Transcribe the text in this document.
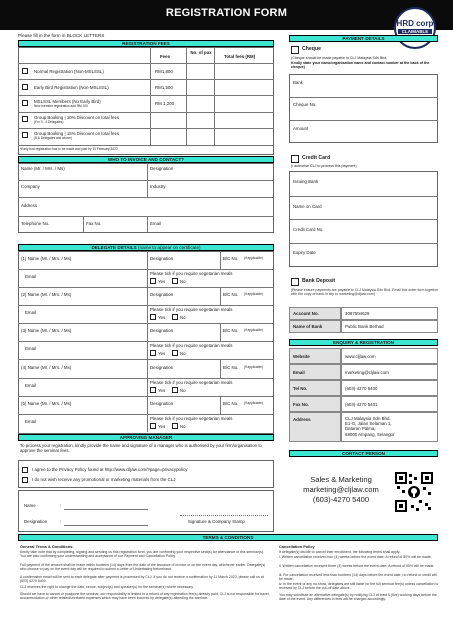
REGISTRATION FORM
HRD corp
CLAIMABLE
Please fill in the form in BLOCK LETTERS
REGISTRATION FEES
Fees
No. of pax
Total fees (RM)
Normal Registration (Non-MSLSSL)	RM1,800
Early Bird Registration (Non-MSLSSL)	RM1,500
MSLSSL Members (No Early Bird)
New member registration add RM 100	RM 1,200
Group Booking | 10% Discount on total fees
(For 3 - 4 Delegates)
Group Booking | 15% Discount on total fees
(5 & Delegates and above)
*Early bird registration has to be made and paid by 10 February 2023
WHO TO INVOICE AND CONTACT?
Name (Mr. / Mrs. / Ms)	Designation
Company	Industry
Address
Telephone No.	Fax No.	Email
DELEGATE DETAILS (name to appear on certificate)
(1) Name (Mr. / Mrs. / Ms)	Designation	B/C No. (if applicable)
Email
Please tick if you require vegetarian meals
Yes	No
(2) Name (Mr. / Mrs. / Ms)	Designation	B/C No. (if applicable)
Email
Please tick if you require vegetarian meals
Yes	No
(3) Name (Mr. / Mrs. / Ms)	Designation	B/C No. (if applicable)
Email
Please tick if you require vegetarian meals
Yes	No
(4) Name (Mr. / Mrs. / Ms)	Designation	B/C No. (if applicable)
Email
Please tick if you require vegetarian meals
Yes	No
(5) Name (Mr. / Mrs. / Ms)	Designation	B/C No. (if applicable)
Email
Please tick if you require vegetarian meals
Yes	No
APPROVING MANAGER
To process your registration, kindly provide the name and signature of a manager who is authorised by your firm/organisation to approve the seminar fees.
I agree to the Privacy Policy found at http://www.clljaw.com/?page=privacypolicy
I do not wish receive any promotional or marketing materials from the CLJ
Name	:
Designation	:	Signature & Company Stamp
TERMS & CONDITIONS
General Terms & Conditions:
Kindly take note that by completing, signing and sending us this registration form, you are confirming your respective seat(s) for attendance of this seminar(s). You are also confirming your understanding and acceptance of our Payment and Cancellation Policy.
Full payment of the amount shall be made within fourteen (14) days from the date of the issuance of invoice or on the event day, whichever earlier. Delegate(s) who choose to pay on the event day will be required to submit a Letter of Undertaking beforehand.
A confirmation email will be sent to each delegate after payment is processed by CLJ. If you do not receive a confirmation by 11 March 2023, please call us at (603) 4270 5400.
CLJ reserves the right to change the date, venue, subject(s) and speaker(s) for the seminar(s) where necessary.
Should we have to cancel or postpone the seminar, our responsibility is limited to a refund of any registration fee(s) already paid. CLJ is not responsible for travel, accommodation or other related/unrelated expenses which may have been incurred by delegate(s) attending the seminar.
Cancellation Policy
If delegate(s) decide to cancel their enrollment, the following terms shall apply:
i. Written cancellation received four (4) weeks before the event date: A refund of 80% will be made.
ii. Written cancellation received three (3) weeks before the event date: A refund of 50% will be made.
iii. For cancellation received less than fourteen (14) days before the event date, no refund or credit will be made.
iv. In the event of any no-show, delegates are still liable for the full seminar fee(s) unless cancellation is received by CLJ before the cut-off date above.
You may substitute an alternative delegate(s) by notifying CLJ at least 5 (five) working days before the date of the event. Any differences in fees will be charged accordingly.
PAYMENT DETAILS
Cheque
(Cheque should be made payable to CLJ Malaysia Sdn Bhd.
Kindly state your name/organisation name and contact number at the back of the cheque)
Bank
Cheque No.
Amount
Credit Card
(I authorise CLJ to process this payment)
Issuing Bank
Name on Card
Credit Card No.
Expiry Date
Bank Deposit
(Please ensure payments are payable to CLJ Malaysia Sdn Bhd. Email this order form together with the copy of bank-in slip to marketing@cljlaw.com)
Account No.	3087594629
Name of Bank	Public Bank Berhad
ENQUIRY & REGISTRATION
Website	www.cljlaw.com
Email	marketing@cljlaw.com
Tel No.	(603)-4270 5400
Fax No.	(603)-4270 5401
Address	CLJ Malaysia Sdn Bhd.
E1-G, Jalan Selaman 1,
Dataran Palma,
68000 Ampang, Selangor
CONTACT PERSON
Sales & Marketing
marketing@cljlaw.com
(603)-4270 5400
